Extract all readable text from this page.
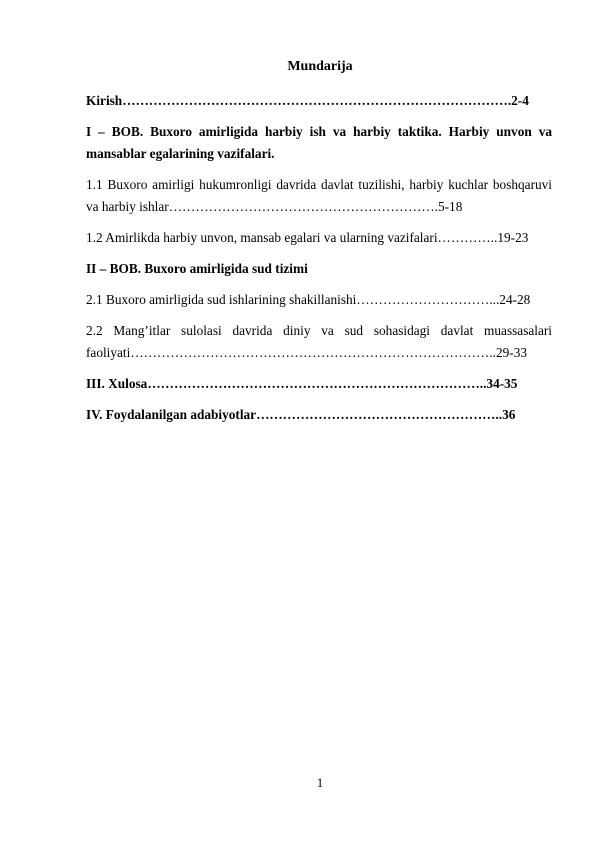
Mundarija
Kirish…………………………………………………………………………….2-4
I – BOB. Buxoro amirligida harbiy ish va harbiy taktika. Harbiy unvon va mansablar egalarining vazifalari.
1.1 Buxoro amirligi hukumronligi davrida davlat tuzilishi, harbiy kuchlar boshqaruvi va harbiy ishlar…………………………………………………….5-18
1.2 Amirlikda harbiy unvon, mansab egalari va ularning vazifalari…………..19-23
II – BOB. Buxoro amirligida sud tizimi
2.1 Buxoro amirligida sud ishlarining shakillanishi…………………………...24-28
2.2 Mang’itlar sulolasi davrida diniy va sud sohasidagi davlat muassasalari faoliyati………………………………………………………………………..29-33
III. Xulosa…………………………………………………………………..34-35
IV. Foydalanilgan adabiyotlar………………………………………………..36
1
